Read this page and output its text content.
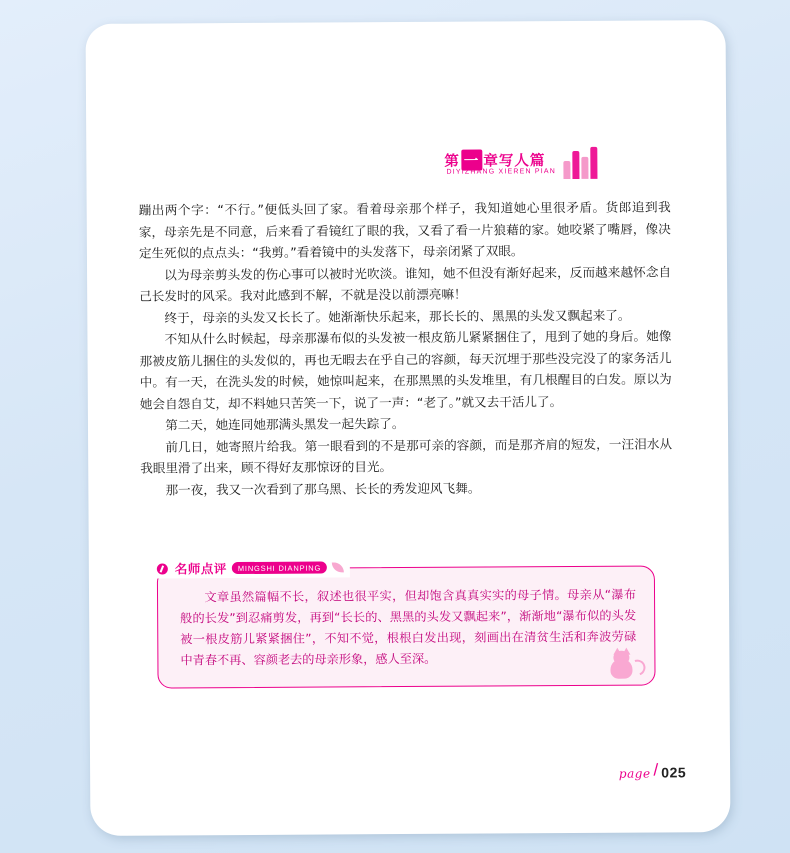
第 一 章写人篇
DIYIZHANG XIEREN PIAN

蹦出两个字：“不行。”便低头回了家。看着母亲那个样子，我知道她心里很矛盾。货郎追到我家，母亲先是不同意，后来看了看镜红了眼的我，又看了看一片狼藉的家。她咬紧了嘴唇，像决定生死似的点点头：“我剪。”看着镜中的头发落下，母亲闭紧了双眼。

以为母亲剪头发的伤心事可以被时光吹淡。谁知，她不但没有渐好起来，反而越来越怀念自己长发时的风采。我对此感到不解，不就是没以前漂亮嘛！

终于，母亲的头发又长长了。她渐渐快乐起来，那长长的、黑黑的头发又飘起来了。

不知从什么时候起，母亲那瀑布似的头发被一根皮筋儿紧紧捆住了，甩到了她的身后。她像那被皮筋儿捆住的头发似的，再也无暇去在乎自己的容颜，每天沉埋于那些没完没了的家务活儿中。有一天，在洗头发的时候，她惊叫起来，在那黑黑的头发堆里，有几根醒目的白发。原以为她会自怨自艾，却不料她只苦笑一下，说了一声：“老了。”就又去干活儿了。

第二天，她连同她那满头黑发一起失踪了。

前几日，她寄照片给我。第一眼看到的不是那可亲的容颜，而是那齐肩的短发，一汪泪水从我眼里滑了出来，顾不得好友那惊讶的目光。

那一夜，我又一次看到了那乌黑、长长的秀发迎风飞舞。

文章虽然篇幅不长，叙述也很平实，但却饱含真真实实的母子情。母亲从“瀑布般的长发”到忍痛剪发，再到“长长的、黑黑的头发又飘起来”，渐渐地“瀑布似的头发被一根皮筋儿紧紧捆住”，不知不觉，根根白发出现，刻画出在清贫生活和奔波劳碌中青春不再、容颜老去的母亲形象，感人至深。
名师点评	MINGSHI DIANPING
page / 025
